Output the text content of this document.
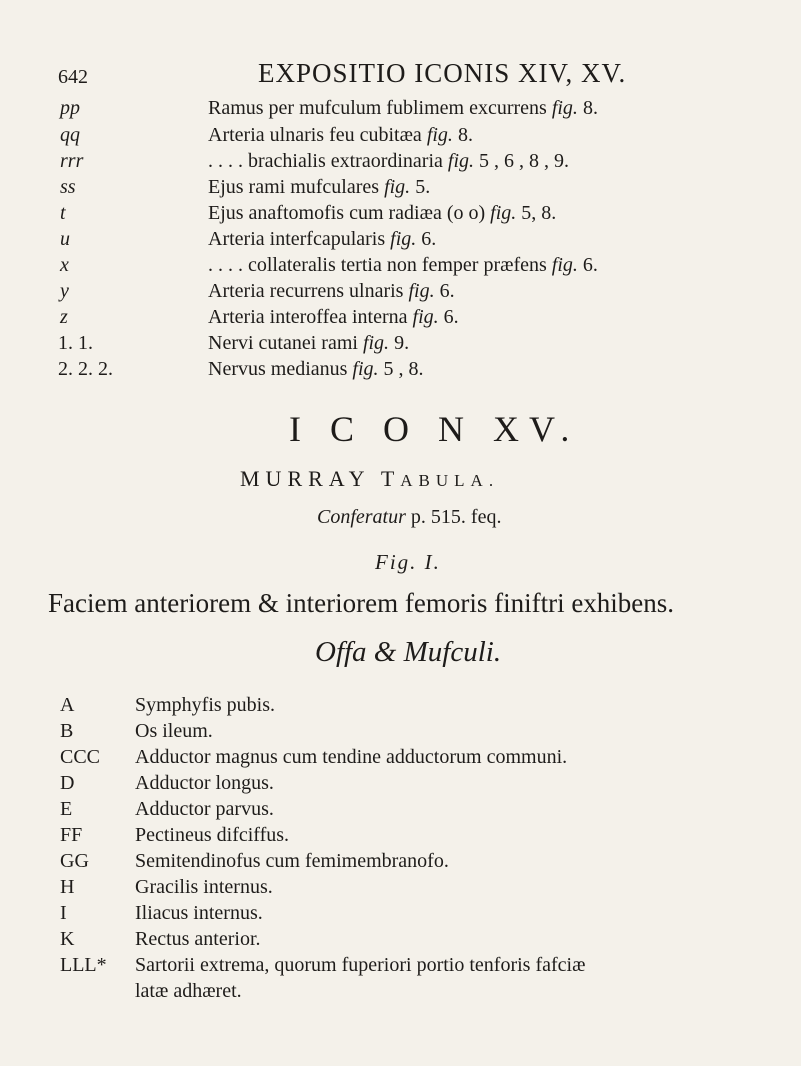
642	EXPOSITIO ICONIS XIV, XV.
pp	Ramus per mufculum fublimem excurrens fig. 8.
qq	Arteria ulnaris feu cubitæa fig. 8.
rrr	. . . . brachialis extraordinaria fig. 5 , 6 , 8 , 9.
ss	Ejus rami mufculares fig. 5.
t	Ejus anaftomofis cum radiæa (o o) fig. 5, 8.
u	Arteria interfcapularis fig. 6.
x	. . . . collateralis tertia non femper præfens fig. 6.
y	Arteria recurrens ulnaris fig. 6.
z	Arteria interoffea interna fig. 6.
1. 1.	Nervi cutanei rami fig. 9.
2. 2. 2.	Nervus medianus fig. 5 , 8.
I C O N XV.
MURRAY TABULA.
Conferatur p. 515. feq.
Fig. I.
Faciem anteriorem & interiorem femoris finiftri exhibens.
Offa & Mufculi.
A	Symphyfis pubis.
B	Os ileum.
CCC Adductor magnus cum tendine adductorum communi.
D	Adductor longus.
E	Adductor parvus.
FF	Pectineus difciffus.
GG Semitendinofus cum femimembranofo.
H	Gracilis internus.
I	Iliacus internus.
K	Rectus anterior.
LLL* Sartorii extrema, quorum fuperiori portio tenforis fafciæ
latæ adhæret.
